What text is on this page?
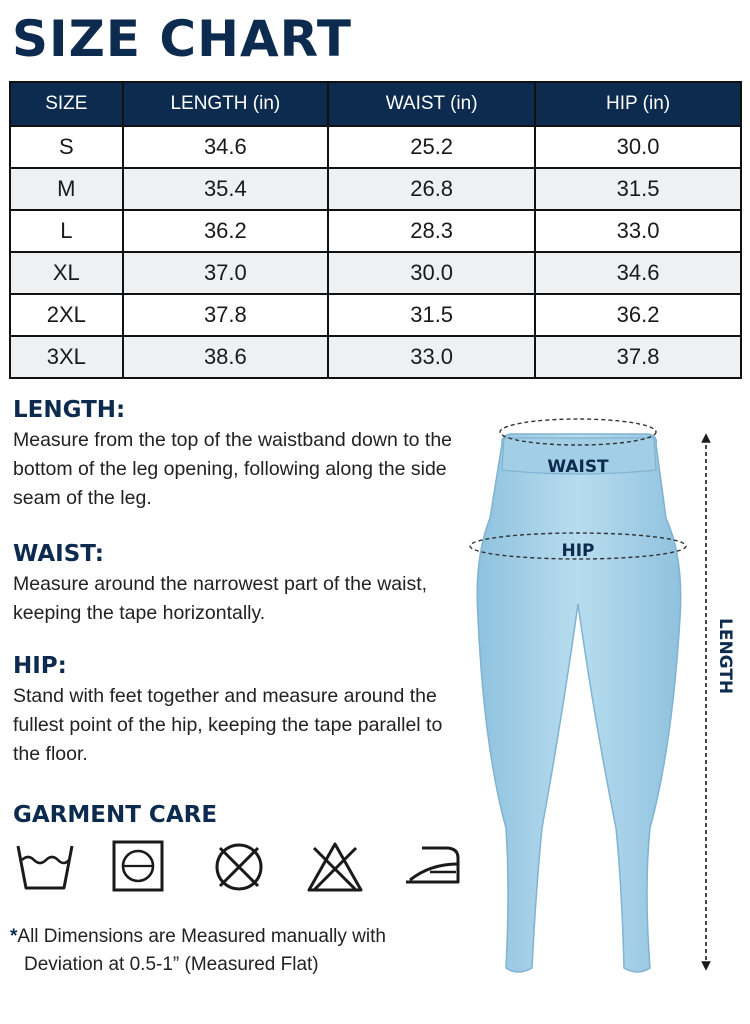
SIZE CHART
SIZE	LENGTH (in)	WAIST (in)	HIP (in)
S	34.6	25.2	30.0
M	35.4	26.8	31.5
L	36.2	28.3	33.0
XL	37.0	30.0	34.6
2XL	37.8	31.5	36.2
3XL	38.6	33.0	37.8
LENGTH:

Measure from the top of the waistband down to the bottom of the leg opening, following along the side seam of the leg.

WAIST:

Measure around the narrowest part of the waist, keeping the tape horizontally.

HIP:

Stand with feet together and measure around the fullest point of the hip, keeping the tape parallel to the floor.

GARMENT CARE
*All Dimensions are Measured manually with
Deviation at 0.5-1” (Measured Flat)
WAIST
HIP
LENGTH
